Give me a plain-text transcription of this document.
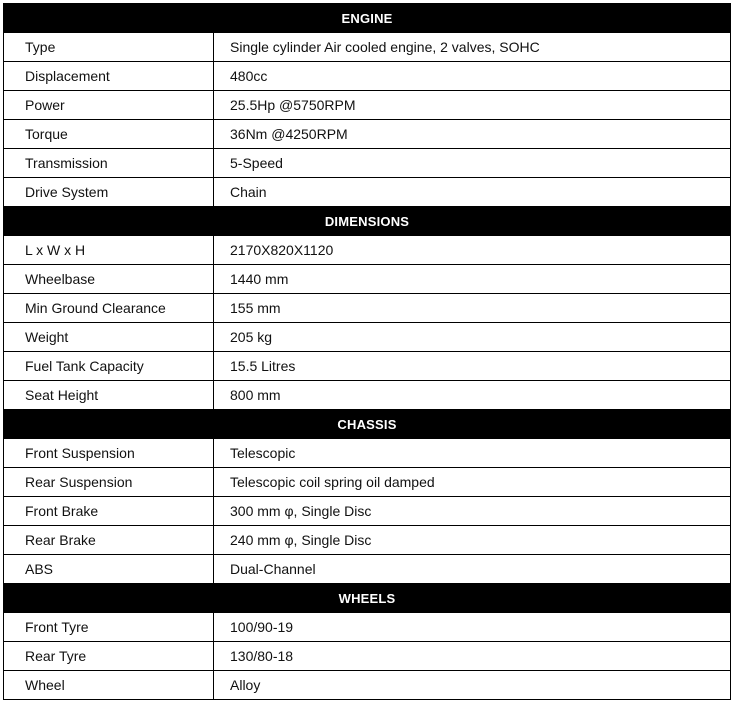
ENGINE	
Type	Single cylinder Air cooled engine, 2 valves, SOHC
Displacement	480cc
Power	25.5Hp @5750RPM
Torque	36Nm @4250RPM
Transmission	5-Speed
Drive System	Chain
DIMENSIONS	
L x W x H	2170X820X1120
Wheelbase	1440 mm
Min Ground Clearance	155 mm
Weight	205 kg
Fuel Tank Capacity	15.5 Litres
Seat Height	800 mm
CHASSIS	
Front Suspension	Telescopic
Rear Suspension	Telescopic coil spring oil damped
Front Brake	300 mm φ, Single Disc
Rear Brake	240 mm φ, Single Disc
ABS	Dual-Channel
WHEELS	
Front Tyre	100/90-19
Rear Tyre	130/80-18
Wheel	Alloy
